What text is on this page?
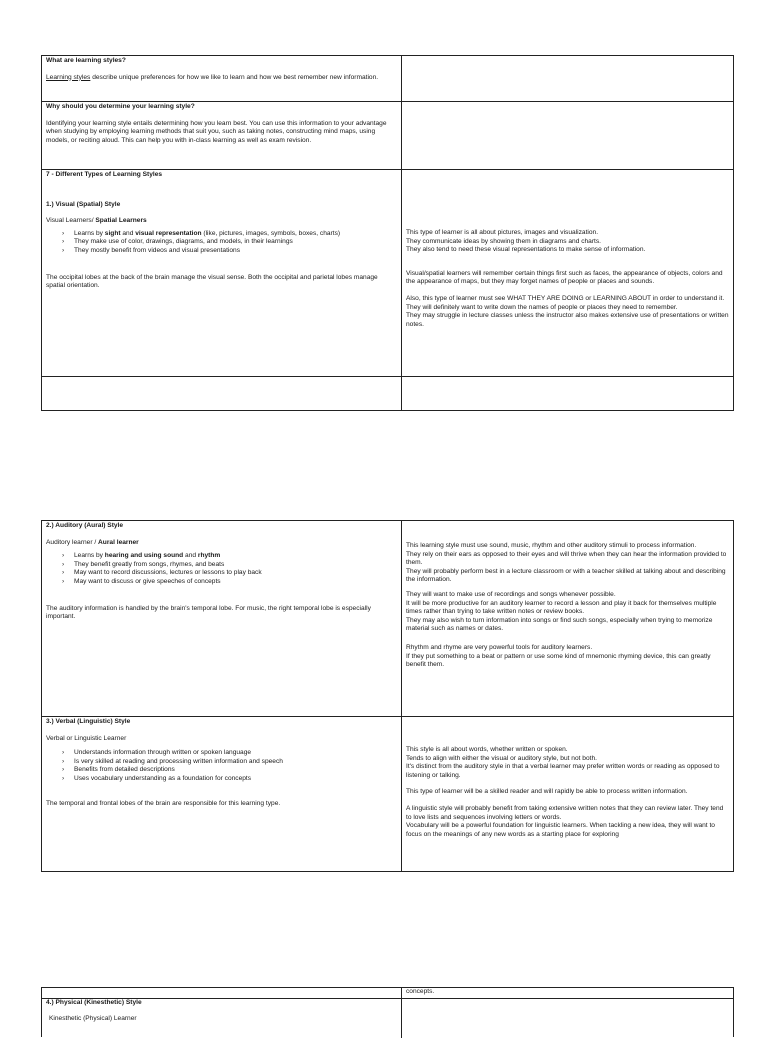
What are learning styles?

Learning styles describe unique preferences for how we like to learn and how we best remember new information.

Why should you determine your learning style?

Identifying your learning style entails determining how you learn best. You can use this information to your advantage when studying by employing learning methods that suit you, such as taking notes, constructing mind maps, using models, or reciting aloud. This can help you with in-class learning as well as exam revision.

7 - Different Types of Learning Styles

1.) Visual (Spatial) Style

Visual Learners/ Spatial Learners

› Learns by sight and visual representation (like, pictures, images, symbols, boxes, charts)
› They make use of color, drawings, diagrams, and models, in their learnings
› They mostly benefit from videos and visual presentations

The occipital lobes at the back of the brain manage the visual sense. Both the occipital and parietal lobes manage spatial orientation.

This type of learner is all about pictures, images and visualization.

They communicate ideas by showing them in diagrams and charts.

They also tend to need these visual representations to make sense of information.

Visual/spatial learners will remember certain things first such as faces, the appearance of objects, colors and the appearance of maps, but they may forget names of people or places and sounds.

Also, this type of learner must see WHAT THEY ARE DOING or LEARNING ABOUT in order to understand it.

They will definitely want to write down the names of people or places they need to remember.

They may struggle in lecture classes unless the instructor also makes extensive use of presentations or written notes.

2.) Auditory (Aural) Style

Auditory learner / Aural learner

› Learns by hearing and using sound and rhythm
› They benefit greatly from songs, rhymes, and beats
› May want to record discussions, lectures or lessons to play back
› May want to discuss or give speeches of concepts

The auditory information is handled by the brain's temporal lobe. For music, the right temporal lobe is especially important.

This learning style must use sound, music, rhythm and other auditory stimuli to process information.

They rely on their ears as opposed to their eyes and will thrive when they can hear the information provided to them.

They will probably perform best in a lecture classroom or with a teacher skilled at talking about and describing the information.

They will want to make use of recordings and songs whenever possible.

It will be more productive for an auditory learner to record a lesson and play it back for themselves multiple times rather than trying to take written notes or review books.

They may also wish to turn information into songs or find such songs, especially when trying to memorize material such as names or dates.

Rhythm and rhyme are very powerful tools for auditory learners.

If they put something to a beat or pattern or use some kind of mnemonic rhyming device, this can greatly benefit them.

3.) Verbal (Linguistic) Style

Verbal or Linguistic Learner

› Understands information through written or spoken language
› Is very skilled at reading and processing written information and speech
› Benefits from detailed descriptions
› Uses vocabulary understanding as a foundation for concepts

The temporal and frontal lobes of the brain are responsible for this learning type.

This style is all about words, whether written or spoken.

Tends to align with either the visual or auditory style, but not both.

It's distinct from the auditory style in that a verbal learner may prefer written words or reading as opposed to listening or talking.

This type of learner will be a skilled reader and will rapidly be able to process written information.

A linguistic style will probably benefit from taking extensive written notes that they can review later. They tend to love lists and sequences involving letters or words.

Vocabulary will be a powerful foundation for linguistic learners. When tackling a new idea, they will want to focus on the meanings of any new words as a starting place for exploring

concepts.

4.) Physical (Kinesthetic) Style

Kinesthetic (Physical) Learner
